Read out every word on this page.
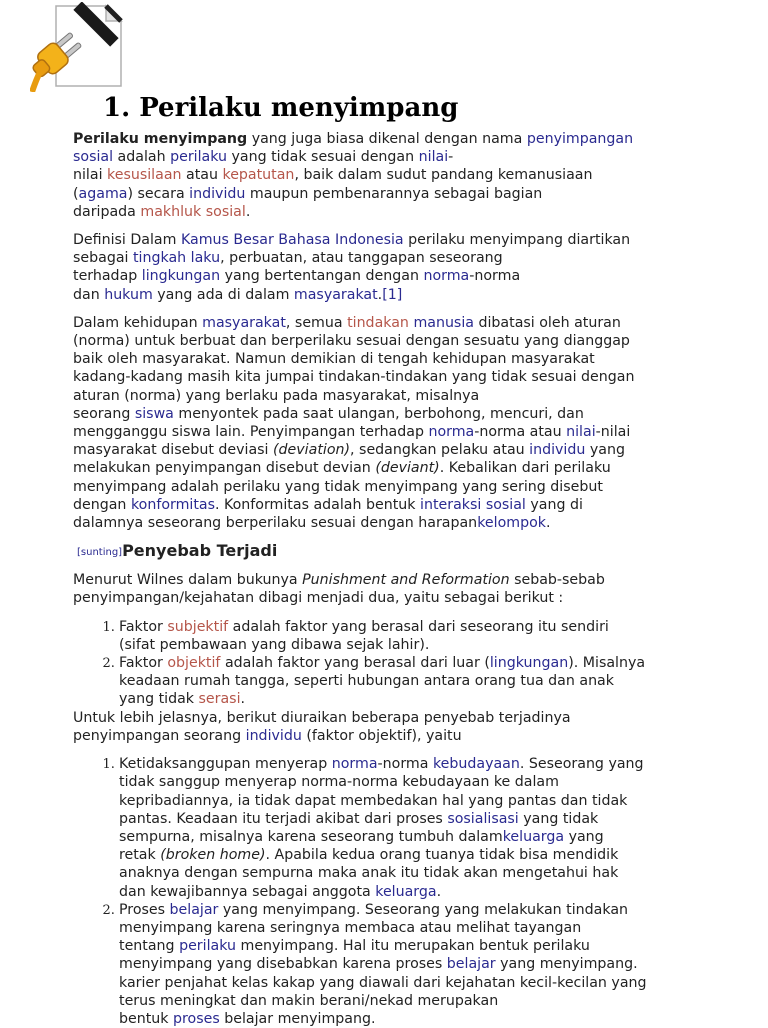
1. Perilaku menyimpang

Perilaku menyimpang yang juga biasa dikenal dengan nama penyimpangan
sosial adalah perilaku yang tidak sesuai dengan nilai-
nilai kesusilaan atau kepatutan, baik dalam sudut pandang kemanusiaan
(agama) secara individu maupun pembenarannya sebagai bagian
daripada makhluk sosial.

Definisi Dalam Kamus Besar Bahasa Indonesia perilaku menyimpang diartikan
sebagai tingkah laku, perbuatan, atau tanggapan seseorang
terhadap lingkungan yang bertentangan dengan norma-norma
dan hukum yang ada di dalam masyarakat.[1]

Dalam kehidupan masyarakat, semua tindakan manusia dibatasi oleh aturan
(norma) untuk berbuat dan berperilaku sesuai dengan sesuatu yang dianggap
baik oleh masyarakat. Namun demikian di tengah kehidupan masyarakat
kadang-kadang masih kita jumpai tindakan-tindakan yang tidak sesuai dengan
aturan (norma) yang berlaku pada masyarakat, misalnya
seorang siswa menyontek pada saat ulangan, berbohong, mencuri, dan
mengganggu siswa lain. Penyimpangan terhadap norma-norma atau nilai-nilai
masyarakat disebut deviasi (deviation), sedangkan pelaku atau individu yang
melakukan penyimpangan disebut devian (deviant). Kebalikan dari perilaku
menyimpang adalah perilaku yang tidak menyimpang yang sering disebut
dengan konformitas. Konformitas adalah bentuk interaksi sosial yang di
dalamnya seseorang berperilaku sesuai dengan harapankelompok.

[sunting]Penyebab Terjadi

Menurut Wilnes dalam bukunya Punishment and Reformation sebab-sebab
penyimpangan/kejahatan dibagi menjadi dua, yaitu sebagai berikut :

1. Faktor subjektif adalah faktor yang berasal dari seseorang itu sendiri
(sifat pembawaan yang dibawa sejak lahir).
2. Faktor objektif adalah faktor yang berasal dari luar (lingkungan). Misalnya
keadaan rumah tangga, seperti hubungan antara orang tua dan anak
yang tidak serasi.

Untuk lebih jelasnya, berikut diuraikan beberapa penyebab terjadinya
penyimpangan seorang individu (faktor objektif), yaitu

1. Ketidaksanggupan menyerap norma-norma kebudayaan. Seseorang yang
tidak sanggup menyerap norma-norma kebudayaan ke dalam
kepribadiannya, ia tidak dapat membedakan hal yang pantas dan tidak
pantas. Keadaan itu terjadi akibat dari proses sosialisasi yang tidak
sempurna, misalnya karena seseorang tumbuh dalamkeluarga yang
retak (broken home). Apabila kedua orang tuanya tidak bisa mendidik
anaknya dengan sempurna maka anak itu tidak akan mengetahui hak
dan kewajibannya sebagai anggota keluarga.
2. Proses belajar yang menyimpang. Seseorang yang melakukan tindakan
menyimpang karena seringnya membaca atau melihat tayangan
tentang perilaku menyimpang. Hal itu merupakan bentuk perilaku
menyimpang yang disebabkan karena proses belajar yang menyimpang.
karier penjahat kelas kakap yang diawali dari kejahatan kecil-kecilan yang
terus meningkat dan makin berani/nekad merupakan
bentuk proses belajar menyimpang.
